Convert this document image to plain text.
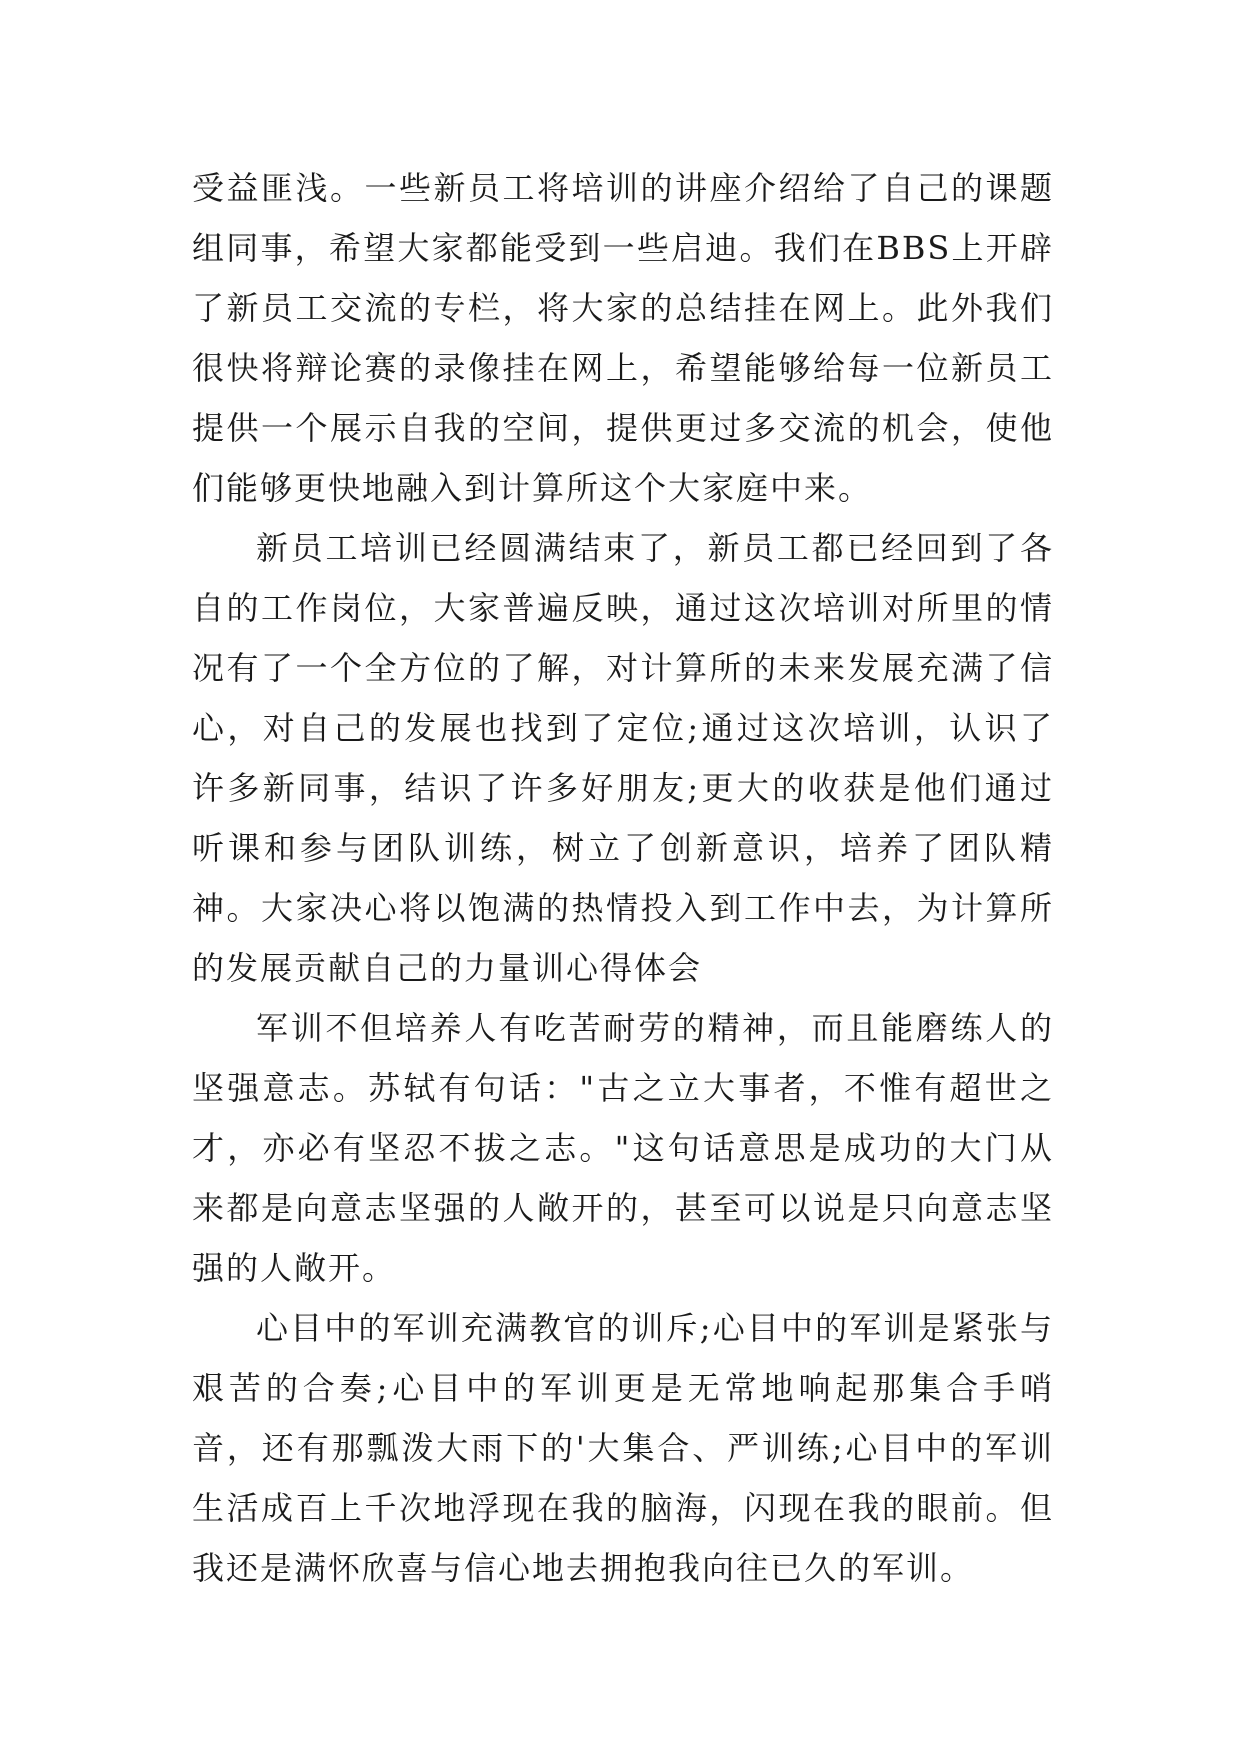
受益匪浅。一些新员工将培训的讲座介绍给了自己的课题组同事，希望大家都能受到一些启迪。我们在BBS上开辟了新员工交流的专栏，将大家的总结挂在网上。此外我们很快将辩论赛的录像挂在网上，希望能够给每一位新员工提供一个展示自我的空间，提供更过多交流的机会，使他们能够更快地融入到计算所这个大家庭中来。

新员工培训已经圆满结束了，新员工都已经回到了各自的工作岗位，大家普遍反映，通过这次培训对所里的情况有了一个全方位的了解，对计算所的未来发展充满了信心，对自己的发展也找到了定位;通过这次培训，认识了许多新同事，结识了许多好朋友;更大的收获是他们通过听课和参与团队训练，树立了创新意识，培养了团队精神。大家决心将以饱满的热情投入到工作中去，为计算所的发展贡献自己的力量训心得体会

军训不但培养人有吃苦耐劳的精神，而且能磨练人的坚强意志。苏轼有句话："古之立大事者，不惟有超世之才，亦必有坚忍不拔之志。"这句话意思是成功的大门从来都是向意志坚强的人敞开的，甚至可以说是只向意志坚强的人敞开。

心目中的军训充满教官的训斥;心目中的军训是紧张与艰苦的合奏;心目中的军训更是无常地响起那集合手哨音，还有那瓢泼大雨下的'大集合、严训练;心目中的军训生活成百上千次地浮现在我的脑海，闪现在我的眼前。但我还是满怀欣喜与信心地去拥抱我向往已久的军训。
